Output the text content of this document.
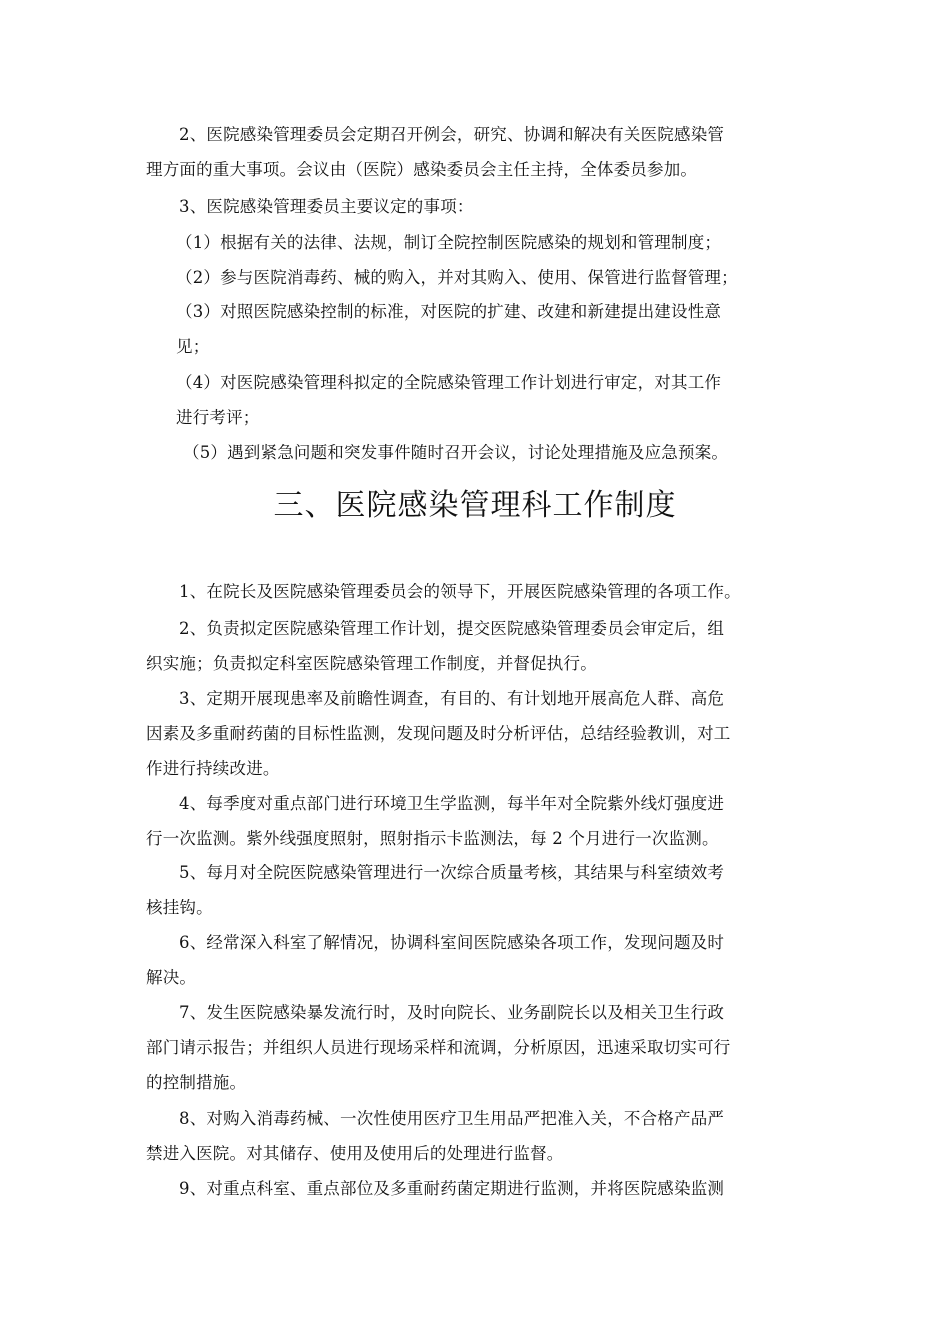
2、医院感染管理委员会定期召开例会，研究、协调和解决有关医院感染管
理方面的重大事项。会议由（医院）感染委员会主任主持，全体委员参加。
3、医院感染管理委员主要议定的事项：
（1）根据有关的法律、法规，制订全院控制医院感染的规划和管理制度；
（2）参与医院消毒药、械的购入，并对其购入、使用、保管进行监督管理；
（3）对照医院感染控制的标准，对医院的扩建、改建和新建提出建设性意
见；
（4）对医院感染管理科拟定的全院感染管理工作计划进行审定，对其工作
进行考评；
（5）遇到紧急问题和突发事件随时召开会议，讨论处理措施及应急预案。
三、医院感染管理科工作制度
1、在院长及医院感染管理委员会的领导下，开展医院感染管理的各项工作。
2、负责拟定医院感染管理工作计划，提交医院感染管理委员会审定后，组
织实施；负责拟定科室医院感染管理工作制度，并督促执行。
3、定期开展现患率及前瞻性调查，有目的、有计划地开展高危人群、高危
因素及多重耐药菌的目标性监测，发现问题及时分析评估，总结经验教训，对工
作进行持续改进。
4、每季度对重点部门进行环境卫生学监测，每半年对全院紫外线灯强度进
行一次监测。紫外线强度照射，照射指示卡监测法，每 2 个月进行一次监测。
5、每月对全院医院感染管理进行一次综合质量考核，其结果与科室绩效考
核挂钩。
6、经常深入科室了解情况，协调科室间医院感染各项工作，发现问题及时
解决。
7、发生医院感染暴发流行时，及时向院长、业务副院长以及相关卫生行政
部门请示报告；并组织人员进行现场采样和流调，分析原因，迅速采取切实可行
的控制措施。
8、对购入消毒药械、一次性使用医疗卫生用品严把准入关，不合格产品严
禁进入医院。对其储存、使用及使用后的处理进行监督。
9、对重点科室、重点部位及多重耐药菌定期进行监测，并将医院感染监测
